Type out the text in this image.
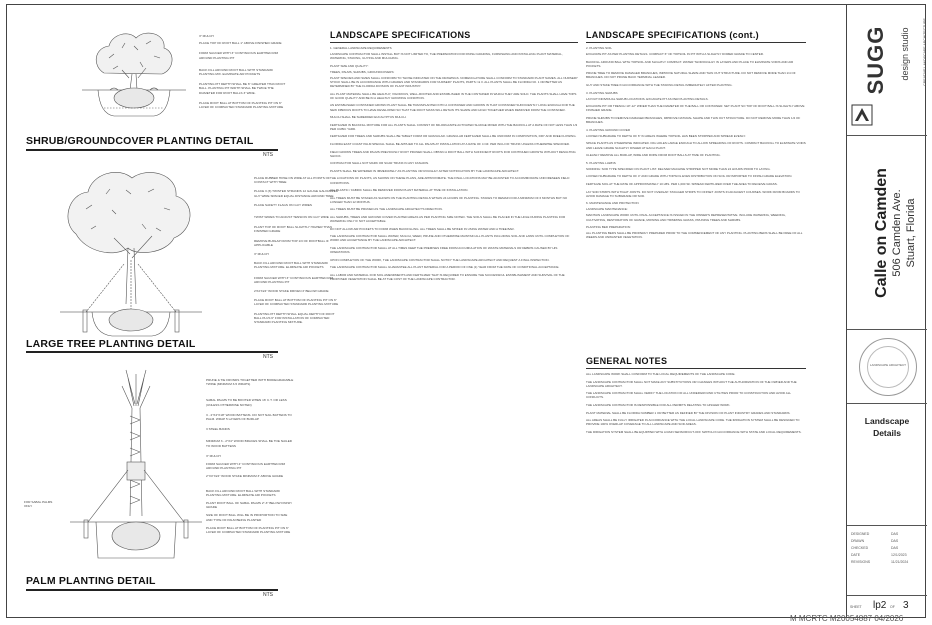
3" MULCH
PLACE TOP OF ROOT BALL 1" ABOVE FINISHED GRADE
FORM SAUCER WITH 3" CONTINUOUS EARTHEN RIM AROUND PLANTING PIT
BACK FILL AROUND ROOT BALL WITH STANDARD PLANTING MIX. ELIMINATE AIR POCKETS
PLANTING PIT DEPTH SHALL BE 6" GREATER THAN ROOT BALL. PLANTING PIT WIDTH SHALL BE TWICE THE DIAMETER FOR ROOT BALLS 3' WIDE.
PLACE ROOT BALL AT BOTTOM OF PLANTING PIT ON 6" LAYER OF COMPACTED STANDARD PLANTING MIXTURE
SHRUB/GROUNDCOVER PLANTING DETAIL
NTS
PLACE RUBBER HOSE ON WIRE AT ALL POINTS OF CONTACT WITH TREE
PLACE 3 (3) TWISTED STRANDS 12 GAUGE GALVANIZED GUY WIRE SPACED EQUAL DISTANCE AROUND TREE
PLACE SAFETY FLAGS ON GUY WIRES
TWIST WIRES TO ADJUST TENSION ON GUY WIRE
PLANT TOP OF ROOT BALL SLIGHTLY HIGHER THAN FINISHED GRADE
REMOVE BURLAP FROM TOP 1/3 OF ROOTBALL IF APPLICABLE
3" MULCH
BACK FILL AROUND ROOT BALL WITH STANDARD PLANTING MIXTURE. ELIMINATE AIR POCKETS
FORM SAUCER WITH 3" CONTINUOUS EARTHEN RIM AROUND PLANTING PIT
2'X2'X24" WOOD STAKE DRIVEN 3' BELOW GRADE
PLACE ROOT BALL AT BOTTOM OF PLANTING PIT ON 6" LAYER OF COMPACTED STANDARD PLANTING MIXTURE
PLANTING PIT DEPTH SHALL EQUAL DEPTH OF ROOT BALL PLUS 6" FOR INSTALLATION OF COMPACTED STANDARD PLANTING MIXTURE.
LARGE TREE PLANTING DETAIL
NTS
FOR SABAL PALMS ONLY
PRUNE & TIE FRONDS TOGETHER WITH BIODEGRADABLE TWINE (MINIMUM 3-5 WRAPS)
SABAL PALMS TO BE BOOTED WHEN 16' C.T. OR LESS (UNLESS OTHERWISE NOTED)
3 - 2"X4"X18" WOOD BATTENS. DO NOT NAIL BATTENS TO PALM. WRAP 5 LAYERS OF BURLAP
3 STEEL BANDS
MINIMUM 3 - 2"X4" WOOD BRACES SHALL BE TOE NAILED TO WOOD BATTENS
3" MULCH
FORM SAUCER WITH 4" CONTINUOUS EARTHEN RIM AROUND PLANTING PIT
2"X4"X24" WOOD STAKE MINIMUM 3' ABOVE GRADE
BACK FILL AROUND ROOT BALL WITH STANDARD PLANTING MIXTURE. ELIMINATE AIR POCKETS
PLANT ROOT BALL OF SABAL PALMS 2"-3" BELOW FINISH GRADE
SIZE OF ROOT BALL WILL BE IN PROPORTION TO SIZE AND TYPE OF PALM BEING PLANTED
PLACE ROOT BALL AT BOTTOM OF PLANTING PIT ON 6" LAYER OF COMPACTED STANDARD PLANTING MIXTURE
PALM PLANTING DETAIL
NTS
LANDSCAPE SPECIFICATIONS

1. GENERAL LANDSCAPE REQUIREMENTS

LANDSCAPE CONTRACTOR SHALL INSTALL BUT IS NOT LIMITED TO, THE PREPARATION FOR FINISH GRADING, FURNISHING AND INSTALLING PLANT MATERIAL, WATERING, STAKING, GUYING AND MULCHING.

PLANT SIZE AND QUALITY:

TREES, PALMS, SHRUBS, GROUNDCOVERS:

PLANT SPECIES AND SIZES SHALL CONFORM TO THOSE INDICATED ON THE DRAWINGS. NOMENCLATURE SHALL CONFORM TO STANDARD PLANT NAMES. ALL NURSERY STOCK SHALL BE IN ACCORDANCE WITH GRADES AND STANDARDS FOR NURSERY PLANTS, PARTS I & II. ALL PLANTS SHALL BE FLORIDA NO. 1 OR BETTER AS DETERMINED BY THE FLORIDA DIVISION OF PLANT INDUSTRY.

ALL PLANT MATERIAL SHALL BE HEALTHY, VIGOROUS, WELL-ROOTED AND ESTABLISHED IN THE CONTAINER IN WHICH THEY ARE SOLD. THE PLANTS SHALL HAVE TOPS OF GOOD QUALITY AND BE IN A HEALTHY GROWING CONDITION.

AN ESTABLISHED CONTAINER GROWN PLANT SHALL BE TRANSPLANTED INTO A CONTAINER AND GROWN IN THAT CONTAINER SUFFICIENTLY LONG ENOUGH FOR THE NEW FIBROUS ROOTS TO HAVE DEVELOPED SO THAT THE ROOT MASS WILL RETAIN ITS SHAPE AND HOLD TOGETHER WHEN REMOVED FROM THE CONTAINER.

MULCH SHALL BE SHREDDED EUCALYPTUS MULCH.

FERTILIZER IN BACKFILL MIXTURE FOR ALL PLANTS SHALL CONSIST OF MILORGANITE ACTIVATED SLUDGE MIXED WITH THE BACKFILL AT A RATE OF NOT LESS THAN 1/3 PER CUBIC YARD.

FERTILIZER FOR TREES AND SHRUBS SHALL BE TABLET FORM OR GRANULAR. GRANULAR FERTILIZER SHALL BE UNIFORM IN COMPOSITION, DRY AND FREE FLOWING.

FLORIDA EAST COAST PALM SPECIAL SHALL BE APPLIED TO ALL PALMS AT INSTALLATION AT A RATE OF 4 OZ. PER INCH OF TRUNK UNLESS OTHERWISE SPECIFIED.

FIELD GROWN TREES AND PALMS PREVIOUSLY ROOT PRUNED SHALL OBTAIN A ROOT BALL WITH SUFFICIENT ROOTS FOR CONTINUED GROWTH WITHOUT RESULTING SHOCK.

CONTRACTOR SHALL NOT MARK OR SCAR TRUNK IN ANY FASHION.

PLANTS SHALL BE WATERED IN IMMEDIATELY AS PLANTING OR ROUGHLY AFTER NOTIFICATION BY THE LANDSCAPE ARCHITECT.

THE LOCATIONS OF PLANTS, AS SHOWN ON THESE PLANS, ARE APPROXIMATE. THE FINAL LOCATIONS MAY BE ADJUSTED TO ACCOMMODATE UNFORESEEN FIELD CONDITIONS.

ALL PLASTIC / FABRIC SHALL BE REMOVED FROM PLANT MATERIAL AT TIME OF INSTALLATION.

ALL TREES MUST BE STAKED AS SHOWN ON THE PLANTING DETAILS WITHIN 24 HOURS OF PLANTING. STAKES TO REMAIN FOR A MINIMUM OF 6 MONTHS BUT NO LONGER THAN 12 MONTHS.

ALL TREES MUST BE PRUNED AS THE LANDSCAPE ARCHITECT'S DIRECTION.

ALL SHRUBS, TREES AND GROUND COVER PLANTED AREAS AS PER PLANTING SIZE NOTED. THE SOILS SHALL BE PLACED IN THE HOLE DURING PLANTING FOR WATERING ONLY IF NOT ACCEPTABLE.

DO NOT ALLOW AIR POCKETS TO FORM WHEN BACKFILLING. ALL TREES SHALL BE SPIKED IN USING WATER AND A TREE BAR.

THE LANDSCAPE CONTRACTOR SHALL WATER, MULCH, WEED, PRUNE AND OTHERWISE MAINTAIN ALL PLANTS INCLUDING SOIL AND LAWN UNTIL COMPLETION OF WORK AND ACCEPTANCE BY THE LANDSCAPE ARCHITECT.

THE LANDSCAPE CONTRACTOR SHALL AT ALL TIMES KEEP THE PREMISES FREE FROM ACCUMULATION OF WASTE MATERIALS OR DEBRIS CAUSED BY HIS OPERATIONS.

UPON COMPLETION OF THE WORK, THE LANDSCAPE CONTRACTOR SHALL NOTIFY THE LANDSCAPE ARCHITECT AND REQUEST A FINAL INSPECTION.

THE LANDSCAPE CONTRACTOR SHALL GUARANTEE ALL PLANT MATERIAL FOR A PERIOD OF ONE (1) YEAR FROM THE DATE OF CONDITIONAL ACCEPTANCE.

ALL LABOR AND MATERIAL FOR SOIL AMENDMENTS AND FERTILIZER THAT IS REQUIRED TO ENSURE THE SUCCESSFUL ESTABLISHMENT AND SURVIVAL OF THE PROPOSED VEGETATION SHALL BE AT THE COST OF THE LANDSCAPE CONTRACTOR.

LANDSCAPE SPECIFICATIONS (cont.)

2. PLANTING SOIL

EXCAVATE PIT AS PER PLANTING DETAILS. COMPACT 6" OF TOPSOIL IN PIT WITH A SLIGHTLY DOMED GRADE TO CENTER.

BACKFILL AROUND BALL WITH TOPSOIL AND SLIGHTLY COMPACT. WATER THOROUGHLY IN LAYERS AND PLACE TO ELIMINATE VOIDS AND AIR POCKETS.

PRUNE TREE TO REMOVE DAMAGED BRANCHES, IMPROVE NATURAL SHAPE AND THIN OUT STRUCTURE. DO NOT REMOVE MORE THAN 1/4 OF BRANCHES. DO NOT PRUNE BACK TERMINAL LEADER.

GUY AND STAKE TREE IN ACCORDANCE WITH THE STAKING DETAIL IMMEDIATELY AFTER PLANTING.

3. PLANTING SHRUBS

LAYOUT INDIVIDUAL SHRUB LOCATIONS. EXCAVATE PIT AS PER PLANTING DETAILS.

EXCAVATE PIT OR TRENCH 10"-12" WIDER THAN THE DIAMETER OF THE BALL OR CONTAINER. SET PLANT SO TOP OF ROOT BALL IS SLIGHTLY ABOVE FINISHED GRADE.

PRUNE SHRUBS TO REMOVE DAMAGED BRANCHES, IMPROVE NATURAL SHAPE AND THIN OUT STRUCTURE. DO NOT REMOVE MORE THAN 1/4 OF BRANCHES.

4. PLANTING GROUND COVER

LOOSEN SUBGRADE TO DEPTH OF 6" IN AREAS WHERE TOPSOIL HAS BEEN STRIPPED AND SPREAD EVENLY.

SPACE PLANTS AS OTHERWISE INDICATED. DIG HOLES LARGE ENOUGH TO ALLOW SPREADING OF ROOTS. COMPACT BACKFILL TO ELIMINATE VOIDS AND LEAVE GRADE SLIGHTLY DISHED AT EACH PLANT.

CLEANLY REMOVE ALL BURLAP, WIRE AND ROPE FROM ROOT BALLS AT TIME OF PLANTING.

5. PLANTING LAWNS

SODDING: SOD TYPE SPECIFIED ON PLANT LIST. DELIVER MACHINE STRIPPED NOT MORE THAN 24 HOURS PRIOR TO LAYING.

LOOSEN SUBGRADE TO DEPTH OF 4" AND GRADE WITH TOPSOIL EVEN DISTRIBUTION ON SOIL OR IMPORTED TO FINISH GRADE ELEVATION.

FERTILIZE SOIL AT THE RATE OF APPROXIMATELY 10 LBS. PER 1,000 SF. SPREAD FERTILIZER OVER THE AREA TO RECEIVE GRASS.

LAY SOD STRIPS WITH TIGHT JOINTS. DO NOT OVERLAP. STAGGER STRIPS TO OFFSET JOINTS IN ADJACENT COURSES. WORK FROM BOARDS TO AVOID DAMAGE TO SUBGRADE OR SOD.

6. MAINTENANCE AND PROTECTION

LANDSCAPE MAINTENANCE:

MAINTAIN LANDSCAPE WORK UNTIL FINAL ACCEPTANCE IS ISSUED IN THE OWNER'S REPRESENTATIVE. INCLUDE WATERING, WEEDING, CULTIVATING, RESTORATION OF GRADE, MOWING AND TRIMMING GRASS, PRUNING TREES AND SHRUBS.

PLANTING BED PREPARATION:

ALL PLANTING BEDS SHALL BE PROPERLY PREPARED PRIOR TO THE COMMENCEMENT OF ANY PLANTING. PLANTING BEDS SHALL BE FREE OF ALL WEEDS AND UNWANTED VEGETATION.

GENERAL NOTES

ALL LANDSCAPE WORK SHALL CONFORM TO THE LOCAL REQUIREMENTS OF THE LANDSCAPE CODE.

THE LANDSCAPE CONTRACTOR SHALL NOT MAKE ANY SUBSTITUTIONS OR CHANGES WITHOUT THE AUTHORIZATION OF THE OWNER AND THE LANDSCAPE ARCHITECT.

THE LANDSCAPE CONTRACTOR SHALL VERIFY THE LOCATION OF ALL UNDERGROUND UTILITIES PRIOR TO CONSTRUCTION AND AVOID ALL CONFLICTS.

THE LANDSCAPE CONTRACTOR IS RESPONSIBLE FOR ALL PERMITS RELATING TO HIS/HER WORK.

PLANT MATERIAL SHALL BE FLORIDA NUMBER 1 OR BETTER AS DEFINED BY THE DIVISION OF PLANT INDUSTRY GRADES AND STANDARDS.

ALL AREAS SHALL BE FULLY IRRIGATED IN ACCORDANCE WITH THE LOCAL LANDSCAPE CODE. THE IRRIGATION SYSTEM SHALL BE DESIGNED TO PROVIDE 100% OVERLAP COVERAGE TO ALL LANDSCAPE AND SOD AREAS.

THE IRRIGATION SYSTEM SHALL BE EQUIPPED WITH A RAIN SENSOR/CUT-OFF SWITCH IN ACCORDANCE WITH STATE AND LOCAL REQUIREMENTS.

SUGG	design studio	CREATIVE LANDSCAPE ARCHITECTURE
Calle on Camden 506 Camden Ave. Stuart, Florida
LANDSCAPE ARCHITECT
Landscape
Details
DESIGNED	DAS
DRAWN	DAS
CHECKED	DAS
DATE	12/1/2023
REVISIONS	11/21/2024
SHEET lp2 OF 3
M MCRTC M20054887 04/2026
